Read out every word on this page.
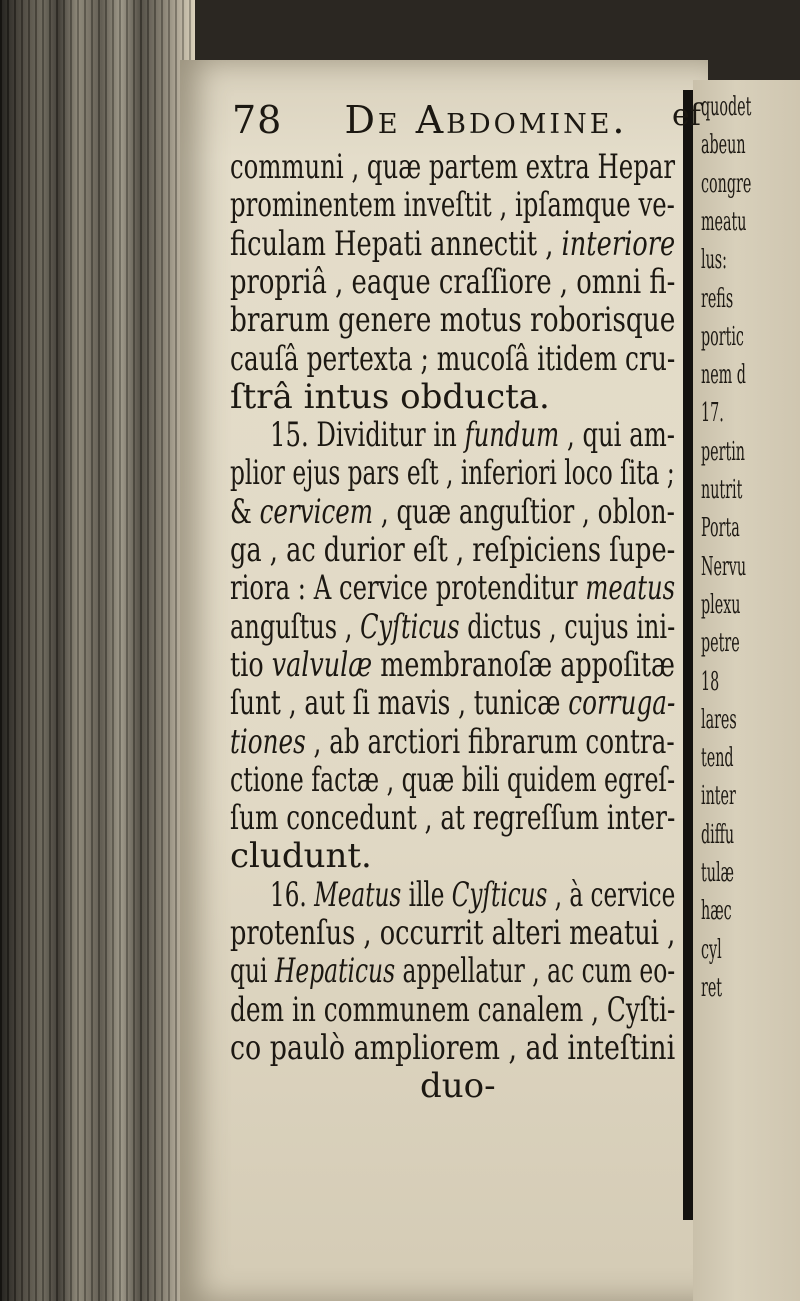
quodet
abeun
congre
meatu
lus:
refis
portic
nem d
17.
pertin
nutrit
Porta
Nervu
plexu
petre
18
lares
tend
inter
diffu
tulæ
hæc
cyl
ret
78 De Abdomine. ef
communi , quæ partem extra Hepar
prominentem inveſtit , ipſamque ve-
ficulam Hepati annectit , interiore
propriâ , eaque craſſiore , omni fi-
brarum genere motus roborisque
cauſâ pertexta ; mucoſâ itidem cru-
ſtrâ intus obducta.
15. Dividitur in fundum , qui am-
plior ejus pars eſt , inferiori loco ſita ;
& cervicem , quæ anguſtior , oblon-
ga , ac durior eſt , reſpiciens ſupe-
riora : A cervice protenditur meatus
anguſtus , Cyſticus dictus , cujus ini-
tio valvulæ membranoſæ appoſitæ
ſunt , aut ſi mavis , tunicæ corruga-
tiones , ab arctiori fibrarum contra-
ctione factæ , quæ bili quidem egreſ-
ſum concedunt , at regreſſum inter-
cludunt.
16. Meatus ille Cyſticus , à cervice
protenſus , occurrit alteri meatui ,
qui Hepaticus appellatur , ac cum eo-
dem in communem canalem , Cyſti-
co paulò ampliorem , ad inteſtini
duo-
